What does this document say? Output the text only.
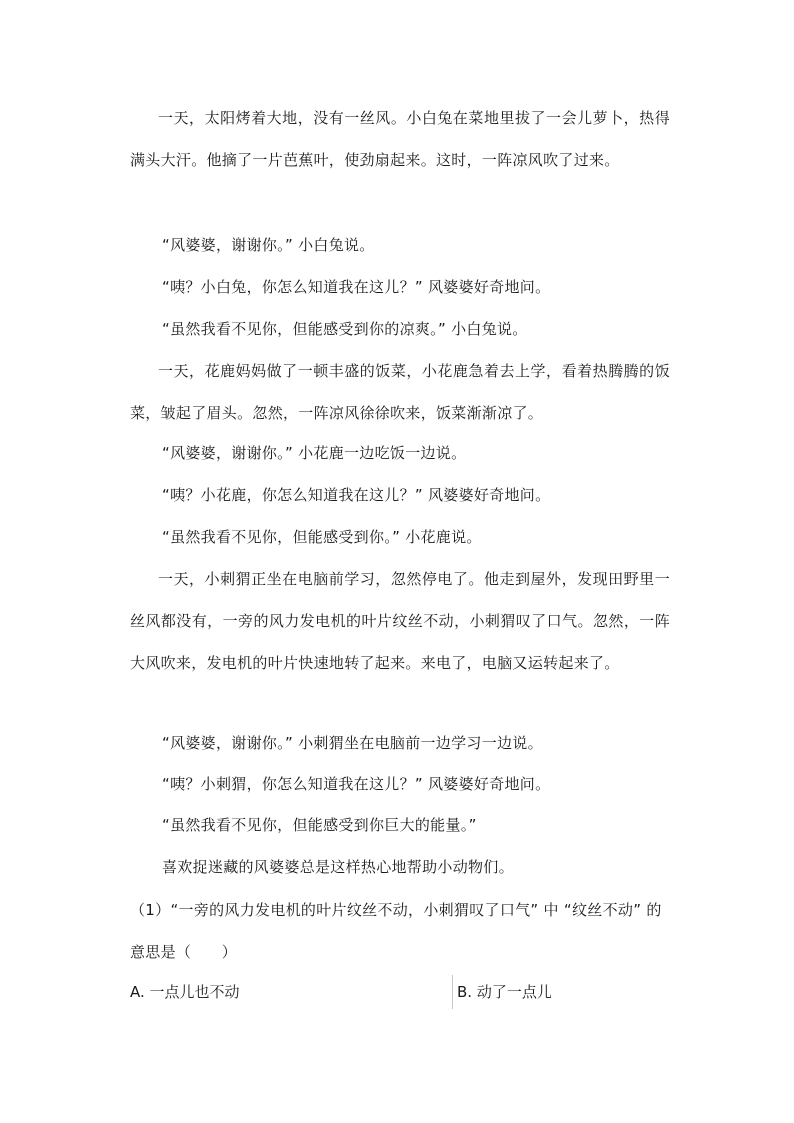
一天，太阳烤着大地，没有一丝风。小白兔在菜地里拔了一会儿萝卜，热得满头大汗。他摘了一片芭蕉叶，使劲扇起来。这时，一阵凉风吹了过来。

“风婆婆，谢谢你。” 小白兔说。

“咦？小白兔，你怎么知道我在这儿？” 风婆婆好奇地问。

“虽然我看不见你，但能感受到你的凉爽。” 小白兔说。

一天，花鹿妈妈做了一顿丰盛的饭菜，小花鹿急着去上学，看着热腾腾的饭菜，皱起了眉头。忽然，一阵凉风徐徐吹来，饭菜渐渐凉了。

“风婆婆，谢谢你。” 小花鹿一边吃饭一边说。

“咦？小花鹿，你怎么知道我在这儿？” 风婆婆好奇地问。

“虽然我看不见你，但能感受到你。” 小花鹿说。

一天，小刺猬正坐在电脑前学习，忽然停电了。他走到屋外，发现田野里一丝风都没有，一旁的风力发电机的叶片纹丝不动，小刺猬叹了口气。忽然，一阵大风吹来，发电机的叶片快速地转了起来。来电了，电脑又运转起来了。

“风婆婆，谢谢你。” 小刺猬坐在电脑前一边学习一边说。

“咦？小刺猬，你怎么知道我在这儿？” 风婆婆好奇地问。

“虽然我看不见你，但能感受到你巨大的能量。”

喜欢捉迷藏的风婆婆总是这样热心地帮助小动物们。

（1）“一旁的风力发电机的叶片纹丝不动，小刺猬叹了口气” 中 “纹丝不动” 的意思是（　　）

A. 一点儿也不动	B. 动了一点儿
